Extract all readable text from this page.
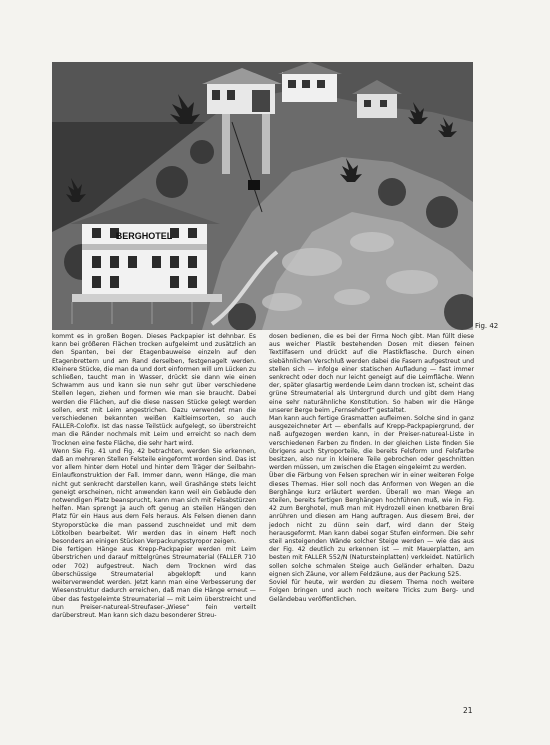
BERGHOTEL
Fig. 42
kommt es in großen Bogen. Dieses Packpapier ist dehnbar. Es kann bei größeren Flächen trocken aufgeleimt und zusätzlich an den Spanten, bei der Etagenbauweise einzeln auf den Etagenbrettern und am Rand derselben, festgenagelt werden. Kleinere Stücke, die man da und dort einformen will um Lücken zu schließen, taucht man in Wasser, drückt sie dann wie einen Schwamm aus und kann sie nun sehr gut über verschiedene Stellen legen, ziehen und formen wie man sie braucht. Dabei werden die Flächen, auf die diese nassen Stücke gelegt werden sollen, erst mit Leim angestrichen. Dazu verwendet man die verschiedenen bekannten weißen Kaltleimsorten, so auch FALLER-Colofix. Ist das nasse Teilstück aufgelegt, so überstreicht man die Ränder nochmals mit Leim und erreicht so nach dem Trocknen eine feste Fläche, die sehr hart wird.
Wenn Sie Fig. 41 und Fig. 42 betrachten, werden Sie erkennen, daß an mehreren Stellen Felsteile eingeformt worden sind. Das ist vor allem hinter dem Hotel und hinter dem Träger der Seilbahn-Einlaufkonstruktion der Fall. Immer dann, wenn Hänge, die man nicht gut senkrecht darstellen kann, weil Grashänge stets leicht geneigt erscheinen, nicht anwenden kann weil ein Gebäude den notwendigen Platz beansprucht, kann man sich mit Felsabstürzen helfen. Man sprengt ja auch oft genug an steilen Hängen den Platz für ein Haus aus dem Fels heraus. Als Felsen dienen dann Styroporstücke die man passend zuschneidet und mit dem Lötkolben bearbeitet. Wir werden das in einem Heft noch besonders an einigen Stücken Verpackungsstyropor zeigen.
Die fertigen Hänge aus Krepp-Packpapier werden mit Leim überstrichen und darauf mittelgrünes Streumaterial (FALLER 710 oder 702) aufgestreut. Nach dem Trocknen wird das überschüssige Streumaterial abgeklopft und kann weiterverwendet werden. Jetzt kann man eine Verbesserung der Wiesenstruktur dadurch erreichen, daß man die Hänge erneut — über das festgeleimte Streumaterial — mit Leim überstreicht und nun Preiser-natureal-Streufaser-„Wiese“ fein verteilt darüberstreut. Man kann sich dazu besonderer Streu-
dosen bedienen, die es bei der Firma Noch gibt. Man füllt diese aus weicher Plastik bestehenden Dosen mit diesen feinen Textilfasern und drückt auf die Plastikflasche. Durch einen siebähnlichen Verschluß werden dabei die Fasern aufgestreut und stellen sich — infolge einer statischen Aufladung — fast immer senkrecht oder doch nur leicht geneigt auf die Leimfläche. Wenn der, später glasartig werdende Leim dann trocken ist, scheint das grüne Streumaterial als Untergrund durch und gibt dem Hang eine sehr naturähnliche Konstitution. So haben wir die Hänge unserer Berge beim „Fernsehdorf“ gestaltet.
Man kann auch fertige Grasmatten aufleimen. Solche sind in ganz ausgezeichneter Art — ebenfalls auf Krepp-Packpapiergrund, der naß aufgezogen werden kann, in der Preiser-natureal-Liste in verschiedenen Farben zu finden. In der gleichen Liste finden Sie übrigens auch Styroporteile, die bereits Felsform und Felsfarbe besitzen, also nur in kleinere Teile gebrochen oder geschnitten werden müssen, um zwischen die Etagen eingeleimt zu werden.
Über die Färbung von Felsen sprechen wir in einer weiteren Folge dieses Themas. Hier soll noch das Anformen von Wegen an die Berghänge kurz erläutert werden. Überall wo man Wege an steilen, bereits fertigen Berghängen hochführen muß, wie in Fig. 42 zum Berghotel, muß man mit Hydrozell einen knetbaren Brei anrühren und diesen am Hang auftragen. Aus diesem Brei, der jedoch nicht zu dünn sein darf, wird dann der Steig herausgeformt. Man kann dabei sogar Stufen einformen. Die sehr steil ansteigenden Wände solcher Steige werden — wie das aus der Fig. 42 deutlich zu erkennen ist — mit Mauerplatten, am besten mit FALLER 552/N (Natursteinplatten) verkleidet. Natürlich sollen solche schmalen Steige auch Geländer erhalten. Dazu eignen sich Zäune, vor allem Feldzäune, aus der Packung 525.
Soviel für heute, wir werden zu diesem Thema noch weitere Folgen bringen und auch noch weitere Tricks zum Berg- und Geländebau veröffentlichen.
21
